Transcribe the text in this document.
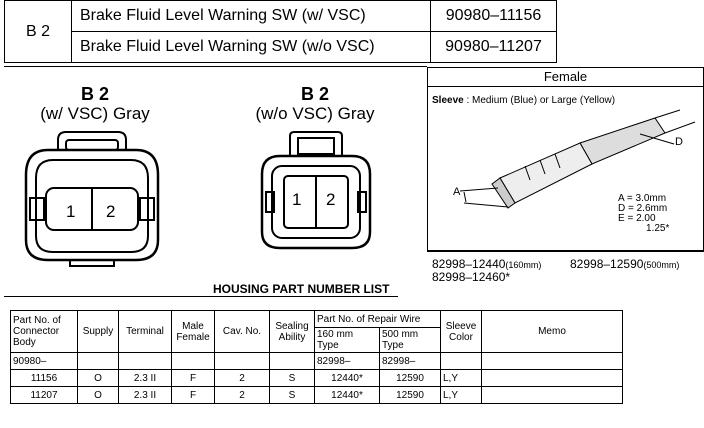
B 2	Brake Fluid Level Warning SW (w/ VSC)	90980–11156
	Brake Fluid Level Warning SW (w/o VSC)	90980–11207
B 2
(w/ VSC) Gray
1 2
B 2
(w/o VSC) Gray
1 2
Female
Sleeve : Medium (Blue) or Large (Yellow)
A
D
A = 3.0mm
D = 2.6mm
E = 2.00
1.25*
82998–12440(160mm) 82998–12590(500mm)
82998–12460*
HOUSING PART NUMBER LIST
Part No. of Connector Body	Supply	Terminal	Male Female	Cav. No.	Sealing Ability	Part No. of Repair Wire		Sleeve Color	Memo
						160 mm Type	500 mm Type		
90980–						82998–	82998–		
11156	O	2.3 II	F	2	S	12440*	12590	L,Y	
11207	O	2.3 II	F	2	S	12440*	12590	L,Y	
